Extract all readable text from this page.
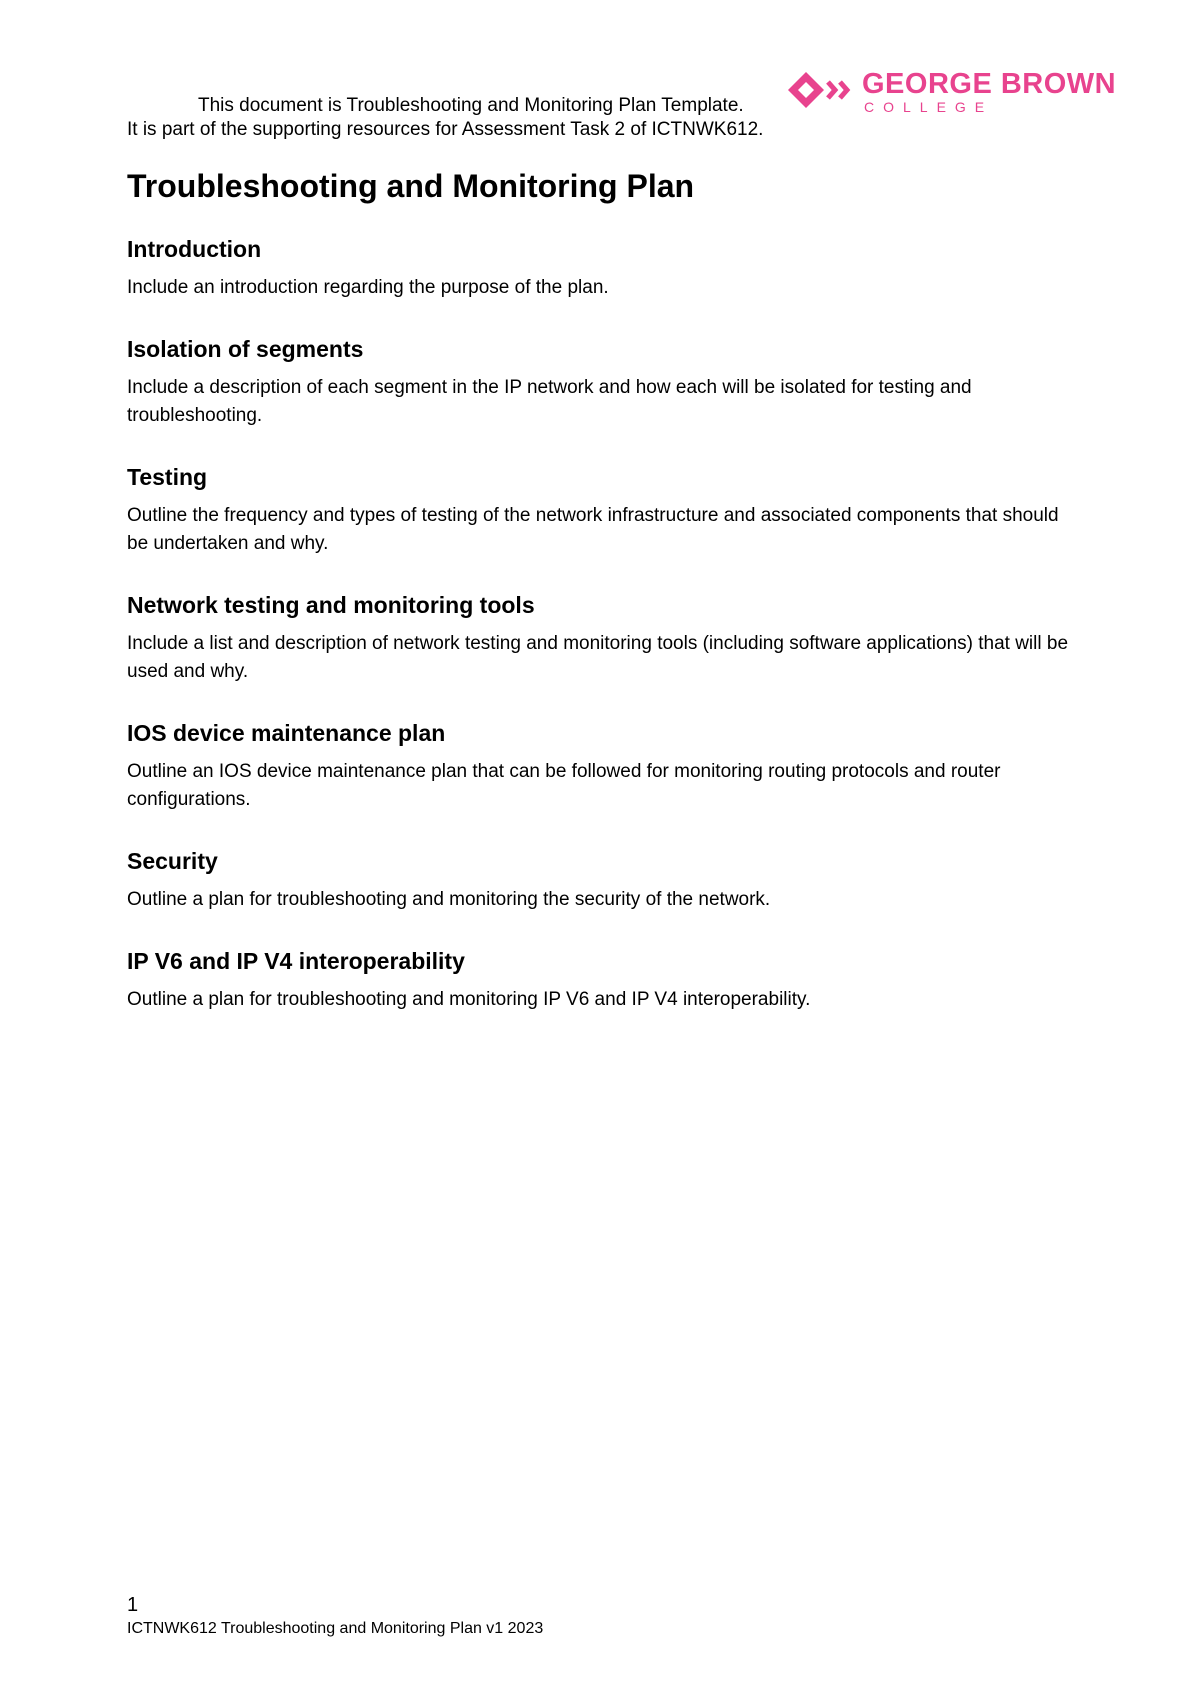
This document is Troubleshooting and Monitoring Plan Template.
It is part of the supporting resources for Assessment Task 2 of ICTNWK612.
GEORGE BROWN
COLLEGE
Troubleshooting and Monitoring Plan
Introduction

Include an introduction regarding the purpose of the plan.

Isolation of segments

Include a description of each segment in the IP network and how each will be isolated for testing and troubleshooting.

Testing

Outline the frequency and types of testing of the network infrastructure and associated components that should be undertaken and why.

Network testing and monitoring tools

Include a list and description of network testing and monitoring tools (including software applications) that will be used and why.

IOS device maintenance plan

Outline an IOS device maintenance plan that can be followed for monitoring routing protocols and router configurations.

Security

Outline a plan for troubleshooting and monitoring the security of the network.

IP V6 and IP V4 interoperability

Outline a plan for troubleshooting and monitoring IP V6 and IP V4 interoperability.

1
ICTNWK612 Troubleshooting and Monitoring Plan v1 2023
